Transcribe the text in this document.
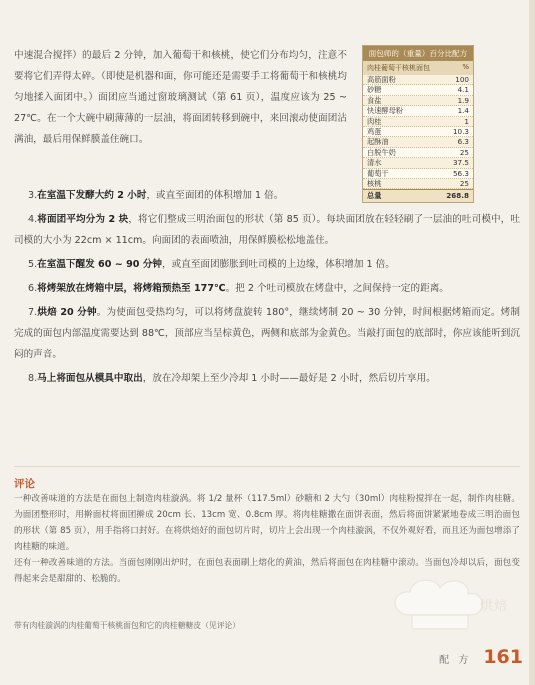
中速混合搅拌）的最后 2 分钟，加入葡萄干和核桃，使它们分布均匀，注意不要将它们弄得太碎。（即使是机器和面，你可能还是需要手工将葡萄干和核桃均匀地揉入面团中。）面团应当通过窗玻璃测试（第 61 页），温度应该为 25 ~ 27℃。在一个大碗中刷薄薄的一层油，将面团转移到碗中，来回滚动使面团沾满油，最后用保鲜膜盖住碗口。
面包师的（重量）百分比配方
肉桂葡萄干核桃面包	%
高筋面粉	100
砂糖	4.1
食盐	1.9
快速酵母粉	1.4
肉桂	1
鸡蛋	10.3
起酥油	6.3
白脱牛奶	25
清水	37.5
葡萄干	56.3
核桃	25
总量	268.8

3.在室温下发酵大约 2 小时，或直至面团的体积增加 1 倍。

4.将面团平均分为 2 块，将它们整成三明治面包的形状（第 85 页）。每块面团放在轻轻刷了一层油的吐司模中，吐司模的大小为 22cm × 11cm。向面团的表面喷油，用保鲜膜松松地盖住。

5.在室温下醒发 60 ~ 90 分钟，或直至面团膨胀到吐司模的上边缘，体积增加 1 倍。

6.将烤架放在烤箱中层，将烤箱预热至 177℃。把 2 个吐司模放在烤盘中，之间保持一定的距离。

7.烘焙 20 分钟。为使面包受热均匀，可以将烤盘旋转 180°，继续烤制 20 ~ 30 分钟，时间根据烤箱而定。烤制完成的面包内部温度需要达到 88℃，顶部应当呈棕黄色，两侧和底部为金黄色。当敲打面包的底部时，你应该能听到沉闷的声音。

8.马上将面包从模具中取出，放在冷却架上至少冷却 1 小时——最好是 2 小时，然后切片享用。

评论

一种改善味道的方法是在面包上制造肉桂漩涡。将 1/2 量杯（117.5ml）砂糖和 2 大勺（30ml）肉桂粉搅拌在一起，制作肉桂糖。为面团整形时，用擀面杖将面团擀成 20cm 长、13cm 宽、0.8cm 厚。将肉桂糖撒在面饼表面，然后将面饼紧紧地卷成三明治面包的形状（第 85 页），用手指将口封好。在将烘焙好的面包切片时，切片上会出现一个肉桂漩涡，不仅外观好看，而且还为面包增添了肉桂糖的味道。

还有一种改善味道的方法。当面包刚刚出炉时，在面包表面刷上熔化的黄油，然后将面包在肉桂糖中滚动。当面包冷却以后，面包变得起来会是甜甜的、松脆的。

烘 焙
带有肉桂漩涡的肉桂葡萄干核桃面包和它的肉桂糖糖皮（见评论）
配 方 161
